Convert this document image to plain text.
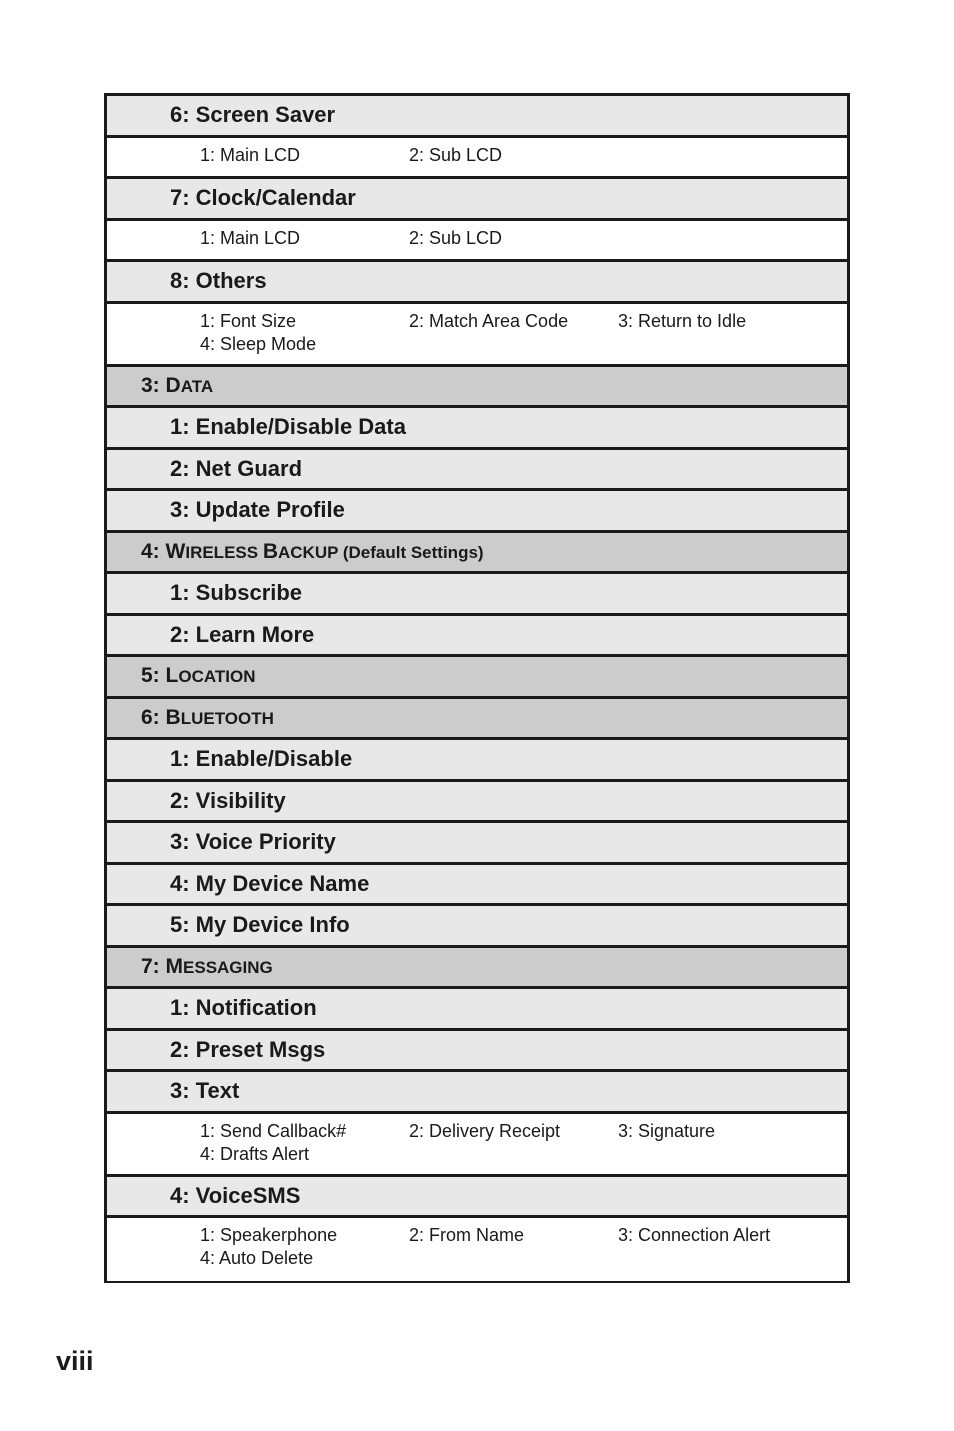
6: Screen Saver
1: Main LCD	2: Sub LCD
7: Clock/Calendar
1: Main LCD	2: Sub LCD
8: Others
1: Font Size	2: Match Area Code	3: Return to Idle
4: Sleep Mode
3: DATA
1: Enable/Disable Data
2: Net Guard
3: Update Profile
4: WIRELESS BACKUP (Default Settings)
1: Subscribe
2: Learn More
5: LOCATION
6: BLUETOOTH
1: Enable/Disable
2: Visibility
3: Voice Priority
4: My Device Name
5: My Device Info
7: MESSAGING
1: Notification
2: Preset Msgs
3: Text
1: Send Callback#	2: Delivery Receipt	3: Signature
4: Drafts Alert
4: VoiceSMS
1: Speakerphone	2: From Name	3: Connection Alert
4: Auto Delete
viii
